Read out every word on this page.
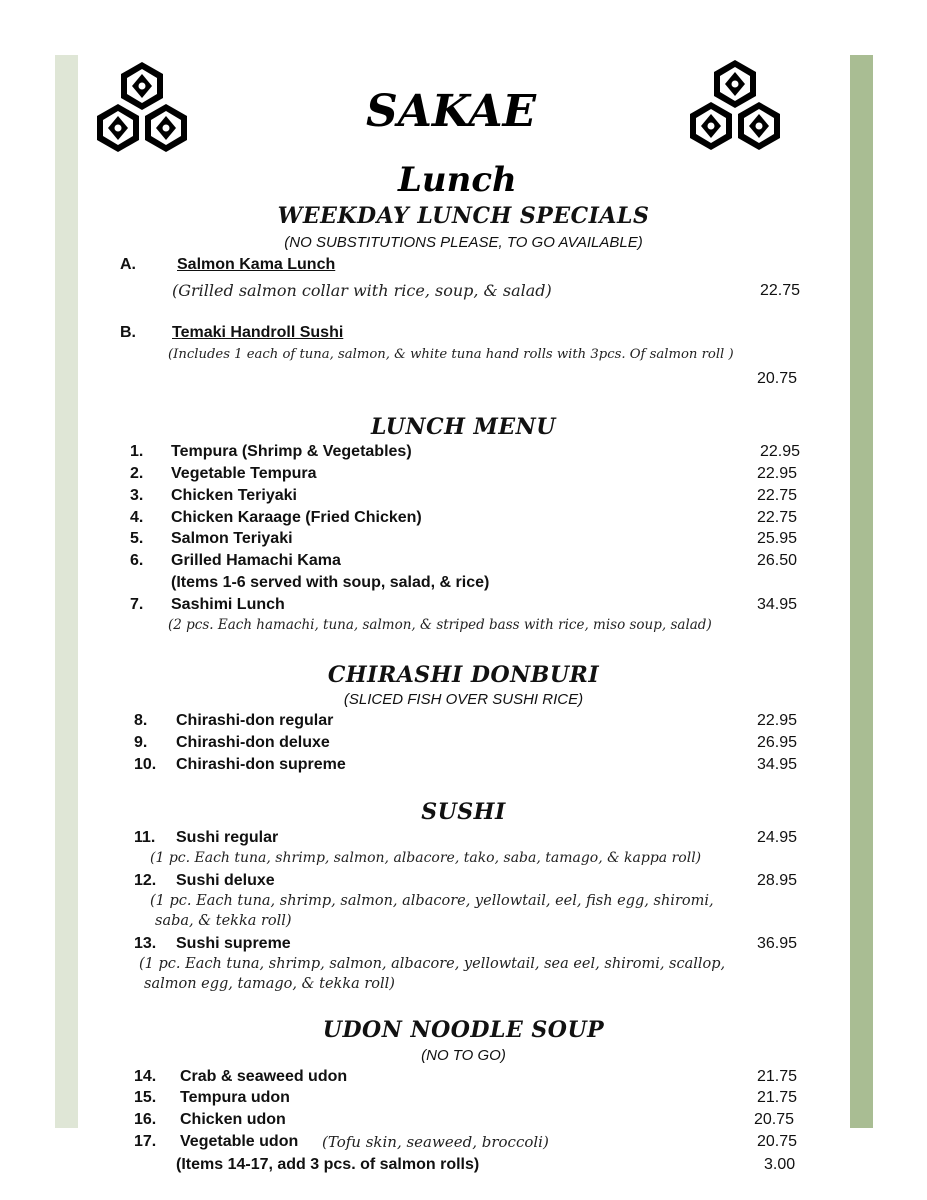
SAKAE
Lunch
WEEKDAY LUNCH SPECIALS
(NO SUBSTITUTIONS PLEASE, TO GO AVAILABLE)
A.	Salmon Kama Lunch
(Grilled salmon collar with rice, soup, & salad)	22.75
B. Temaki Handroll Sushi
(Includes 1 each of tuna, salmon, & white tuna hand rolls with 3pcs. Of salmon roll )
20.75
LUNCH MENU
1. Tempura (Shrimp & Vegetables)	22.95
2. Vegetable Tempura	22.95
3. Chicken Teriyaki	22.75
4. Chicken Karaage (Fried Chicken)	22.75
5. Salmon Teriyaki	25.95
6. Grilled Hamachi Kama	26.50
(Items 1-6 served with soup, salad, & rice)
7. Sashimi Lunch	34.95
(2 pcs. Each hamachi, tuna, salmon, & striped bass with rice, miso soup, salad)
CHIRASHI DONBURI
(SLICED FISH OVER SUSHI RICE)
8. Chirashi-don regular	22.95
9. Chirashi-don deluxe	26.95
10. Chirashi-don supreme	34.95
SUSHI
11. Sushi regular	24.95
(1 pc. Each tuna, shrimp, salmon, albacore, tako, saba, tamago, & kappa roll)
12. Sushi deluxe	28.95
(1 pc. Each tuna, shrimp, salmon, albacore, yellowtail, eel, fish egg, shiromi,
saba, & tekka roll)
13. Sushi supreme	36.95
(1 pc. Each tuna, shrimp, salmon, albacore, yellowtail, sea eel, shiromi, scallop,
salmon egg, tamago, & tekka roll)
UDON NOODLE SOUP
(NO TO GO)
14. Crab & seaweed udon	21.75
15. Tempura udon	21.75
16. Chicken udon	20.75
17. Vegetable udon (Tofu skin, seaweed, broccoli)	20.75
(Items 14-17, add 3 pcs. of salmon rolls)	3.00
